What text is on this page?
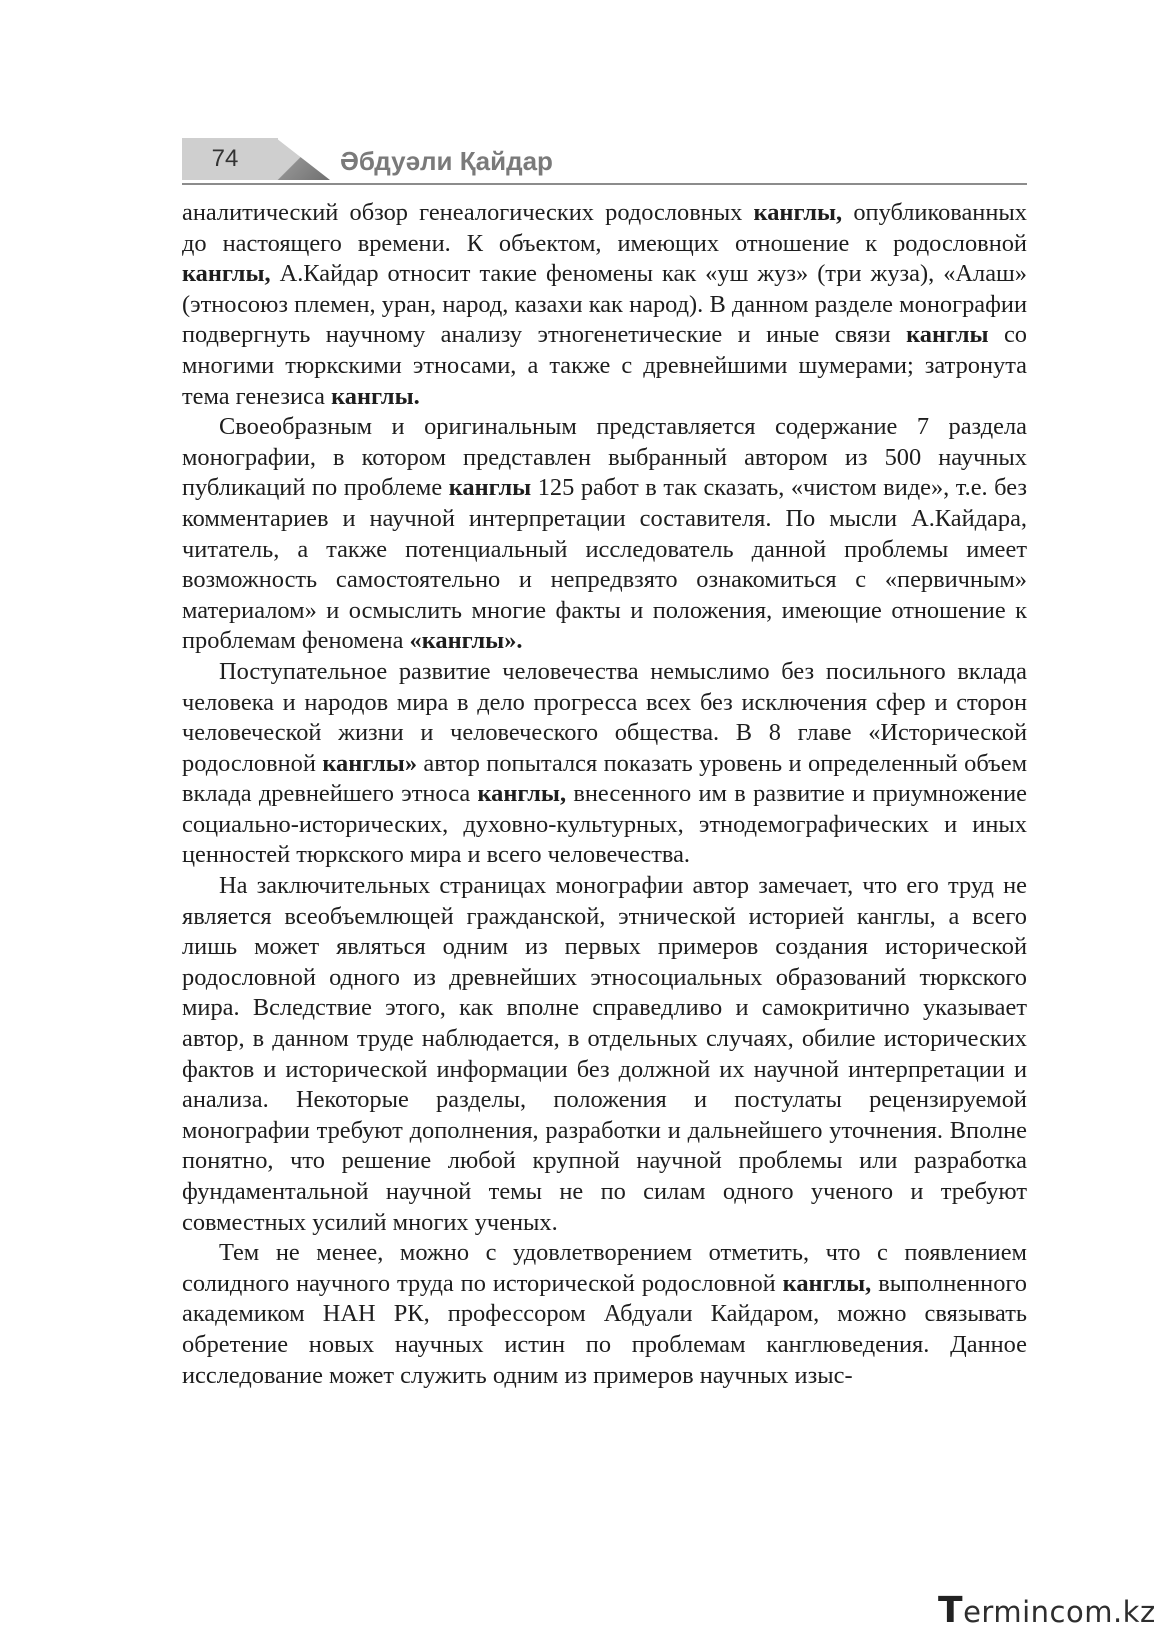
74	Әбдуәли Қайдар

аналитический обзор генеалогических родословных канглы, опубликованных до настоящего времени. К объектом, имеющих отношение к родословной канглы, А.Кайдар относит такие феномены как «уш жуз» (три жуза), «Алаш» (этносоюз племен, уран, народ, казахи как народ). В данном разделе монографии подвергнуть научному анализу этногенетические и иные связи канглы со многими тюркскими этносами, а также с древнейшими шумерами; затронута тема генезиса канглы.

Своеобразным и оригинальным представляется содержание 7 раздела монографии, в котором представлен выбранный автором из 500 научных публикаций по проблеме канглы 125 работ в так сказать, «чистом виде», т.е. без комментариев и научной интерпретации составителя. По мысли А.Кайдара, читатель, а также потенциальный исследователь данной проблемы имеет возможность самостоятельно и непредвзято ознакомиться с «первичным» материалом» и осмыслить многие факты и положения, имеющие отношение к проблемам феномена «канглы».

Поступательное развитие человечества немыслимо без посильного вклада человека и народов мира в дело прогресса всех без исключения сфер и сторон человеческой жизни и человеческого общества. В 8 главе «Исторической родословной канглы» автор попытался показать уровень и определенный объем вклада древнейшего этноса канглы, внесенного им в развитие и приумножение социально-исторических, духовно-культурных, этнодемографических и иных ценностей тюркского мира и всего человечества.

На заключительных страницах монографии автор замечает, что его труд не является всеобъемлющей гражданской, этнической историей канглы, а всего лишь может являться одним из первых примеров создания исторической родословной одного из древнейших этносоциальных образований тюркского мира. Вследствие этого, как вполне справедливо и самокритично указывает автор, в данном труде наблюдается, в отдельных случаях, обилие исторических фактов и исторической информации без должной их научной интерпретации и анализа. Некоторые разделы, положения и постулаты рецензируемой монографии требуют дополнения, разработки и дальнейшего уточнения. Вполне понятно, что решение любой крупной научной проблемы или разработка фундаментальной научной темы не по силам одного ученого и требуют совместных усилий многих ученых.

Тем не менее, можно с удовлетворением отметить, что с появлением солидного научного труда по исторической родословной канглы, выполненного академиком НАН РК, профессором Абдуали Кайдаром, можно связывать обретение новых научных истин по проблемам канглюведения. Данное исследование может служить одним из примеров научных изыс-

Termincom.kz
